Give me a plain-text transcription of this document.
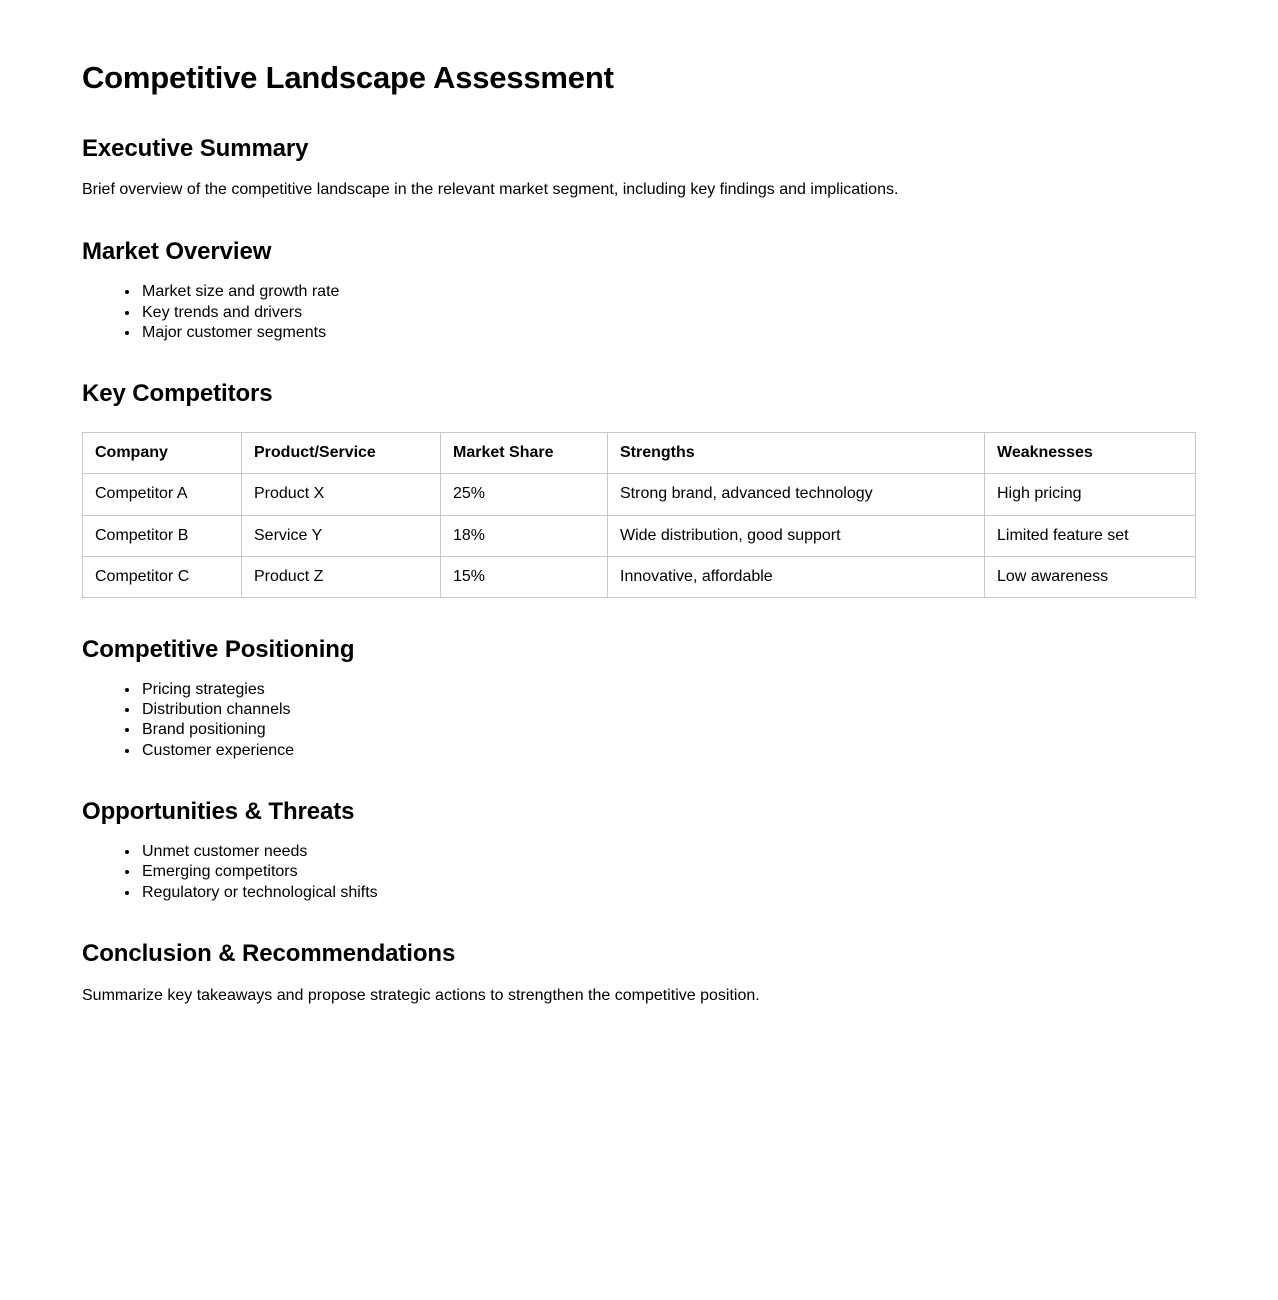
Competitive Landscape Assessment
Executive Summary

Brief overview of the competitive landscape in the relevant market segment, including key findings and implications.

Market Overview
• Market size and growth rate
• Key trends and drivers
• Major customer segments
Key Competitors
Company	Product/Service	Market Share	Strengths	Weaknesses
Competitor A	Product X	25%	Strong brand, advanced technology	High pricing
Competitor B	Service Y	18%	Wide distribution, good support	Limited feature set
Competitor C	Product Z	15%	Innovative, affordable	Low awareness
Competitive Positioning
• Pricing strategies
• Distribution channels
• Brand positioning
• Customer experience
Opportunities & Threats
• Unmet customer needs
• Emerging competitors
• Regulatory or technological shifts
Conclusion & Recommendations

Summarize key takeaways and propose strategic actions to strengthen the competitive position.
